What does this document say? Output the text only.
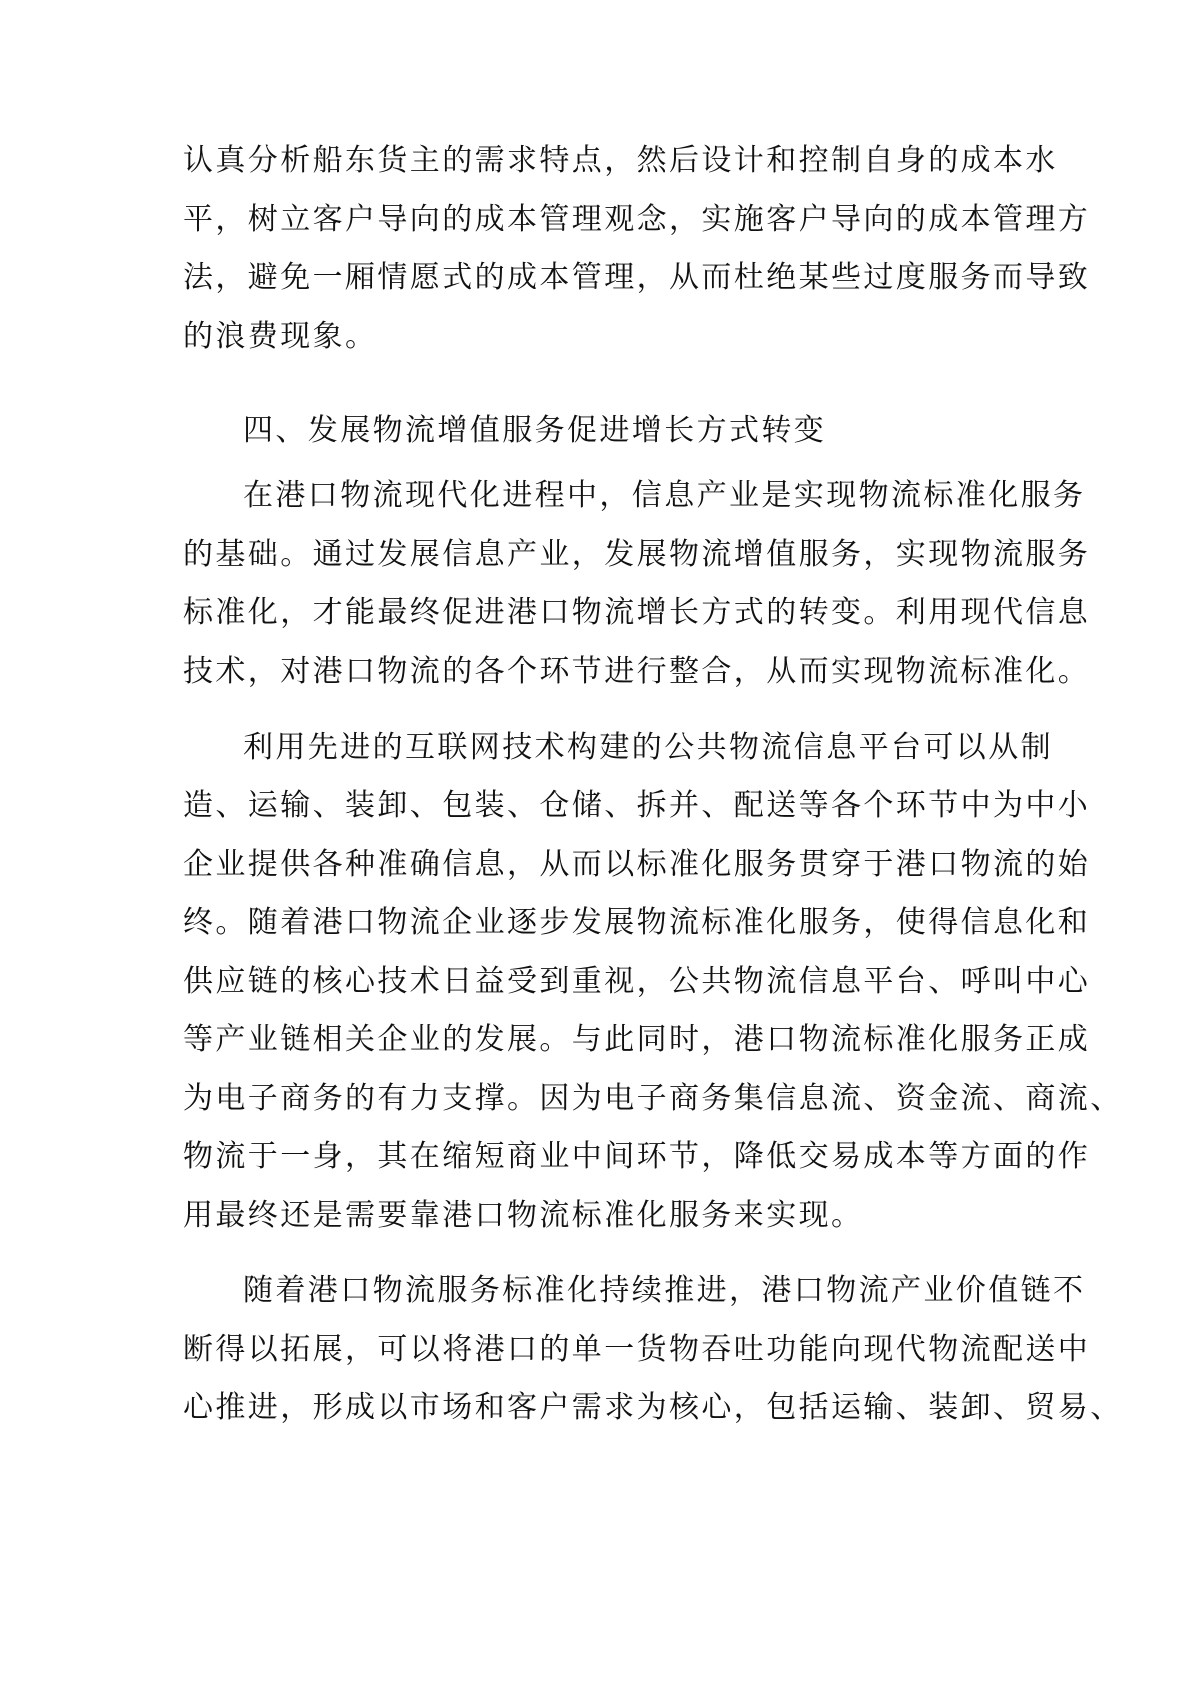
认真分析船东货主的需求特点，然后设计和控制自身的成本水
平，树立客户导向的成本管理观念，实施客户导向的成本管理方
法，避免一厢情愿式的成本管理，从而杜绝某些过度服务而导致
的浪费现象。
四、发展物流增值服务促进增长方式转变
在港口物流现代化进程中，信息产业是实现物流标准化服务
的基础。通过发展信息产业，发展物流增值服务，实现物流服务
标准化，才能最终促进港口物流增长方式的转变。利用现代信息
技术，对港口物流的各个环节进行整合，从而实现物流标准化。
利用先进的互联网技术构建的公共物流信息平台可以从制
造、运输、装卸、包装、仓储、拆并、配送等各个环节中为中小
企业提供各种准确信息，从而以标准化服务贯穿于港口物流的始
终。随着港口物流企业逐步发展物流标准化服务，使得信息化和
供应链的核心技术日益受到重视，公共物流信息平台、呼叫中心
等产业链相关企业的发展。与此同时，港口物流标准化服务正成
为电子商务的有力支撑。因为电子商务集信息流、资金流、商流、
物流于一身，其在缩短商业中间环节，降低交易成本等方面的作
用最终还是需要靠港口物流标准化服务来实现。
随着港口物流服务标准化持续推进，港口物流产业价值链不
断得以拓展，可以将港口的单一货物吞吐功能向现代物流配送中
心推进，形成以市场和客户需求为核心，包括运输、装卸、贸易、
